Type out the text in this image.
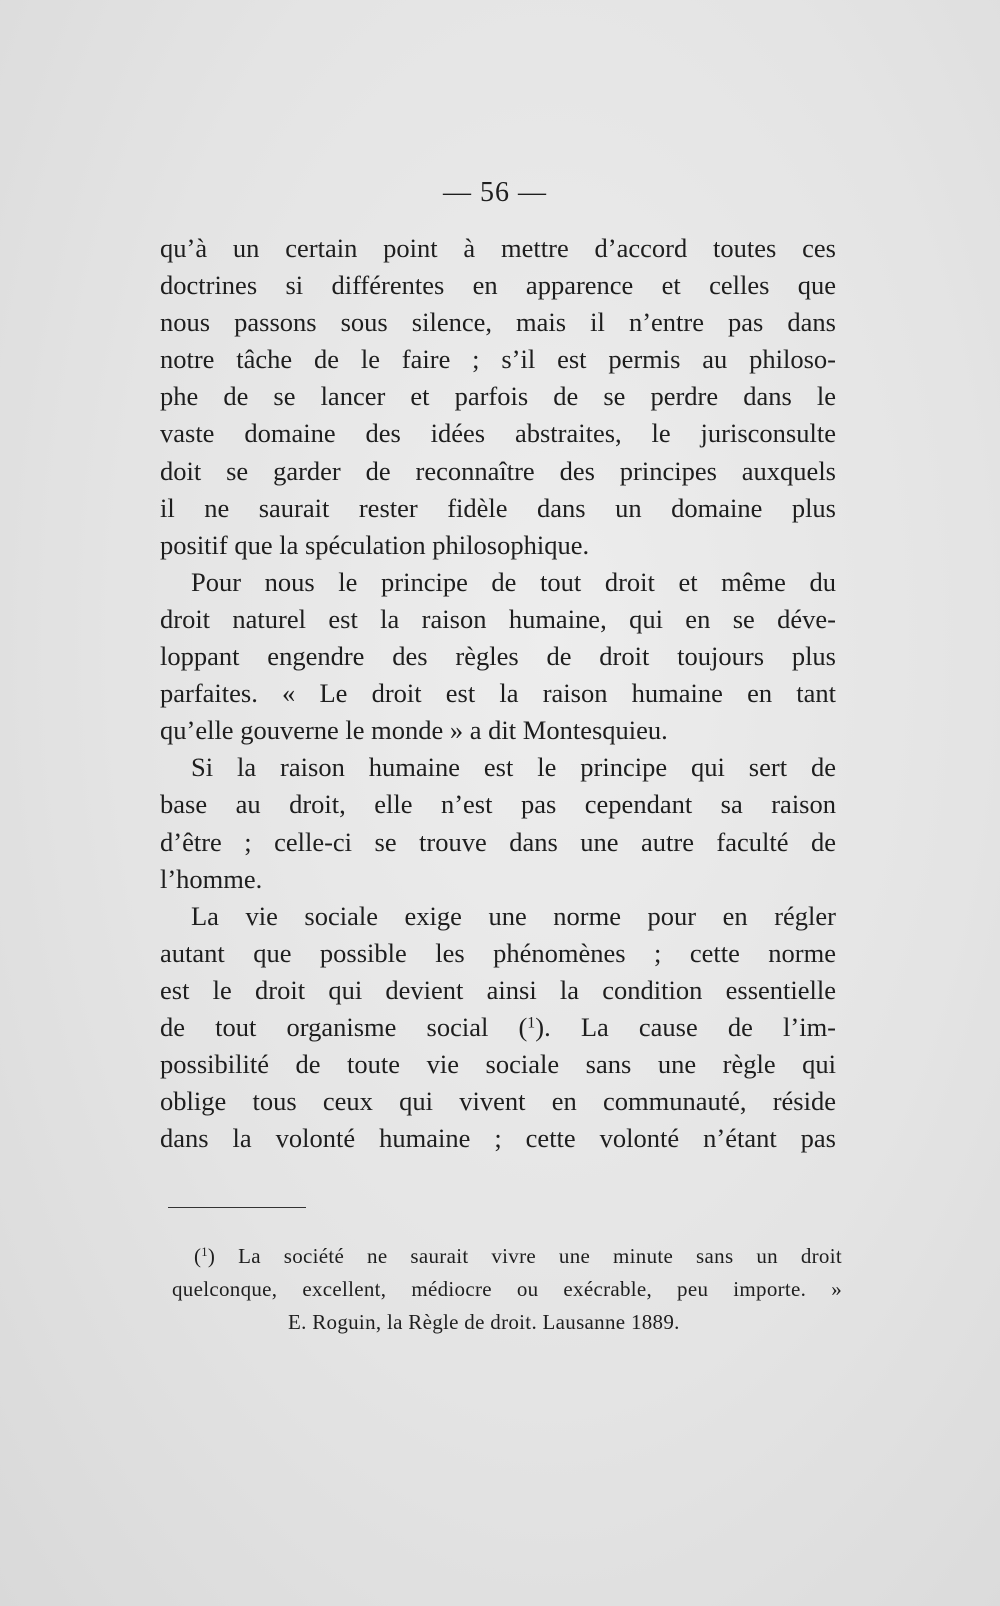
— 56 —
qu’à un certain point à mettre d’accord toutes ces
doctrines si différentes en apparence et celles que
nous passons sous silence, mais il n’entre pas dans
notre tâche de le faire ; s’il est permis au philoso-
phe de se lancer et parfois de se perdre dans le
vaste domaine des idées abstraites, le jurisconsulte
doit se garder de reconnaître des principes auxquels
il ne saurait rester fidèle dans un domaine plus
positif que la spéculation philosophique.
Pour nous le principe de tout droit et même du
droit naturel est la raison humaine, qui en se déve-
loppant engendre des règles de droit toujours plus
parfaites. « Le droit est la raison humaine en tant
qu’elle gouverne le monde » a dit Montesquieu.
Si la raison humaine est le principe qui sert de
base au droit, elle n’est pas cependant sa raison
d’être ; celle-ci se trouve dans une autre faculté de
l’homme.
La vie sociale exige une norme pour en régler
autant que possible les phénomènes ; cette norme
est le droit qui devient ainsi la condition essentielle
de tout organisme social ($^1$). La cause de l’im-
possibilité de toute vie sociale sans une règle qui
oblige tous ceux qui vivent en communauté, réside
dans la volonté humaine ; cette volonté n’étant pas
($^1$) La société ne saurait vivre une minute sans un droit
quelconque, excellent, médiocre ou exécrable, peu importe. »
E. Roguin, la Règle de droit. Lausanne 1889.
